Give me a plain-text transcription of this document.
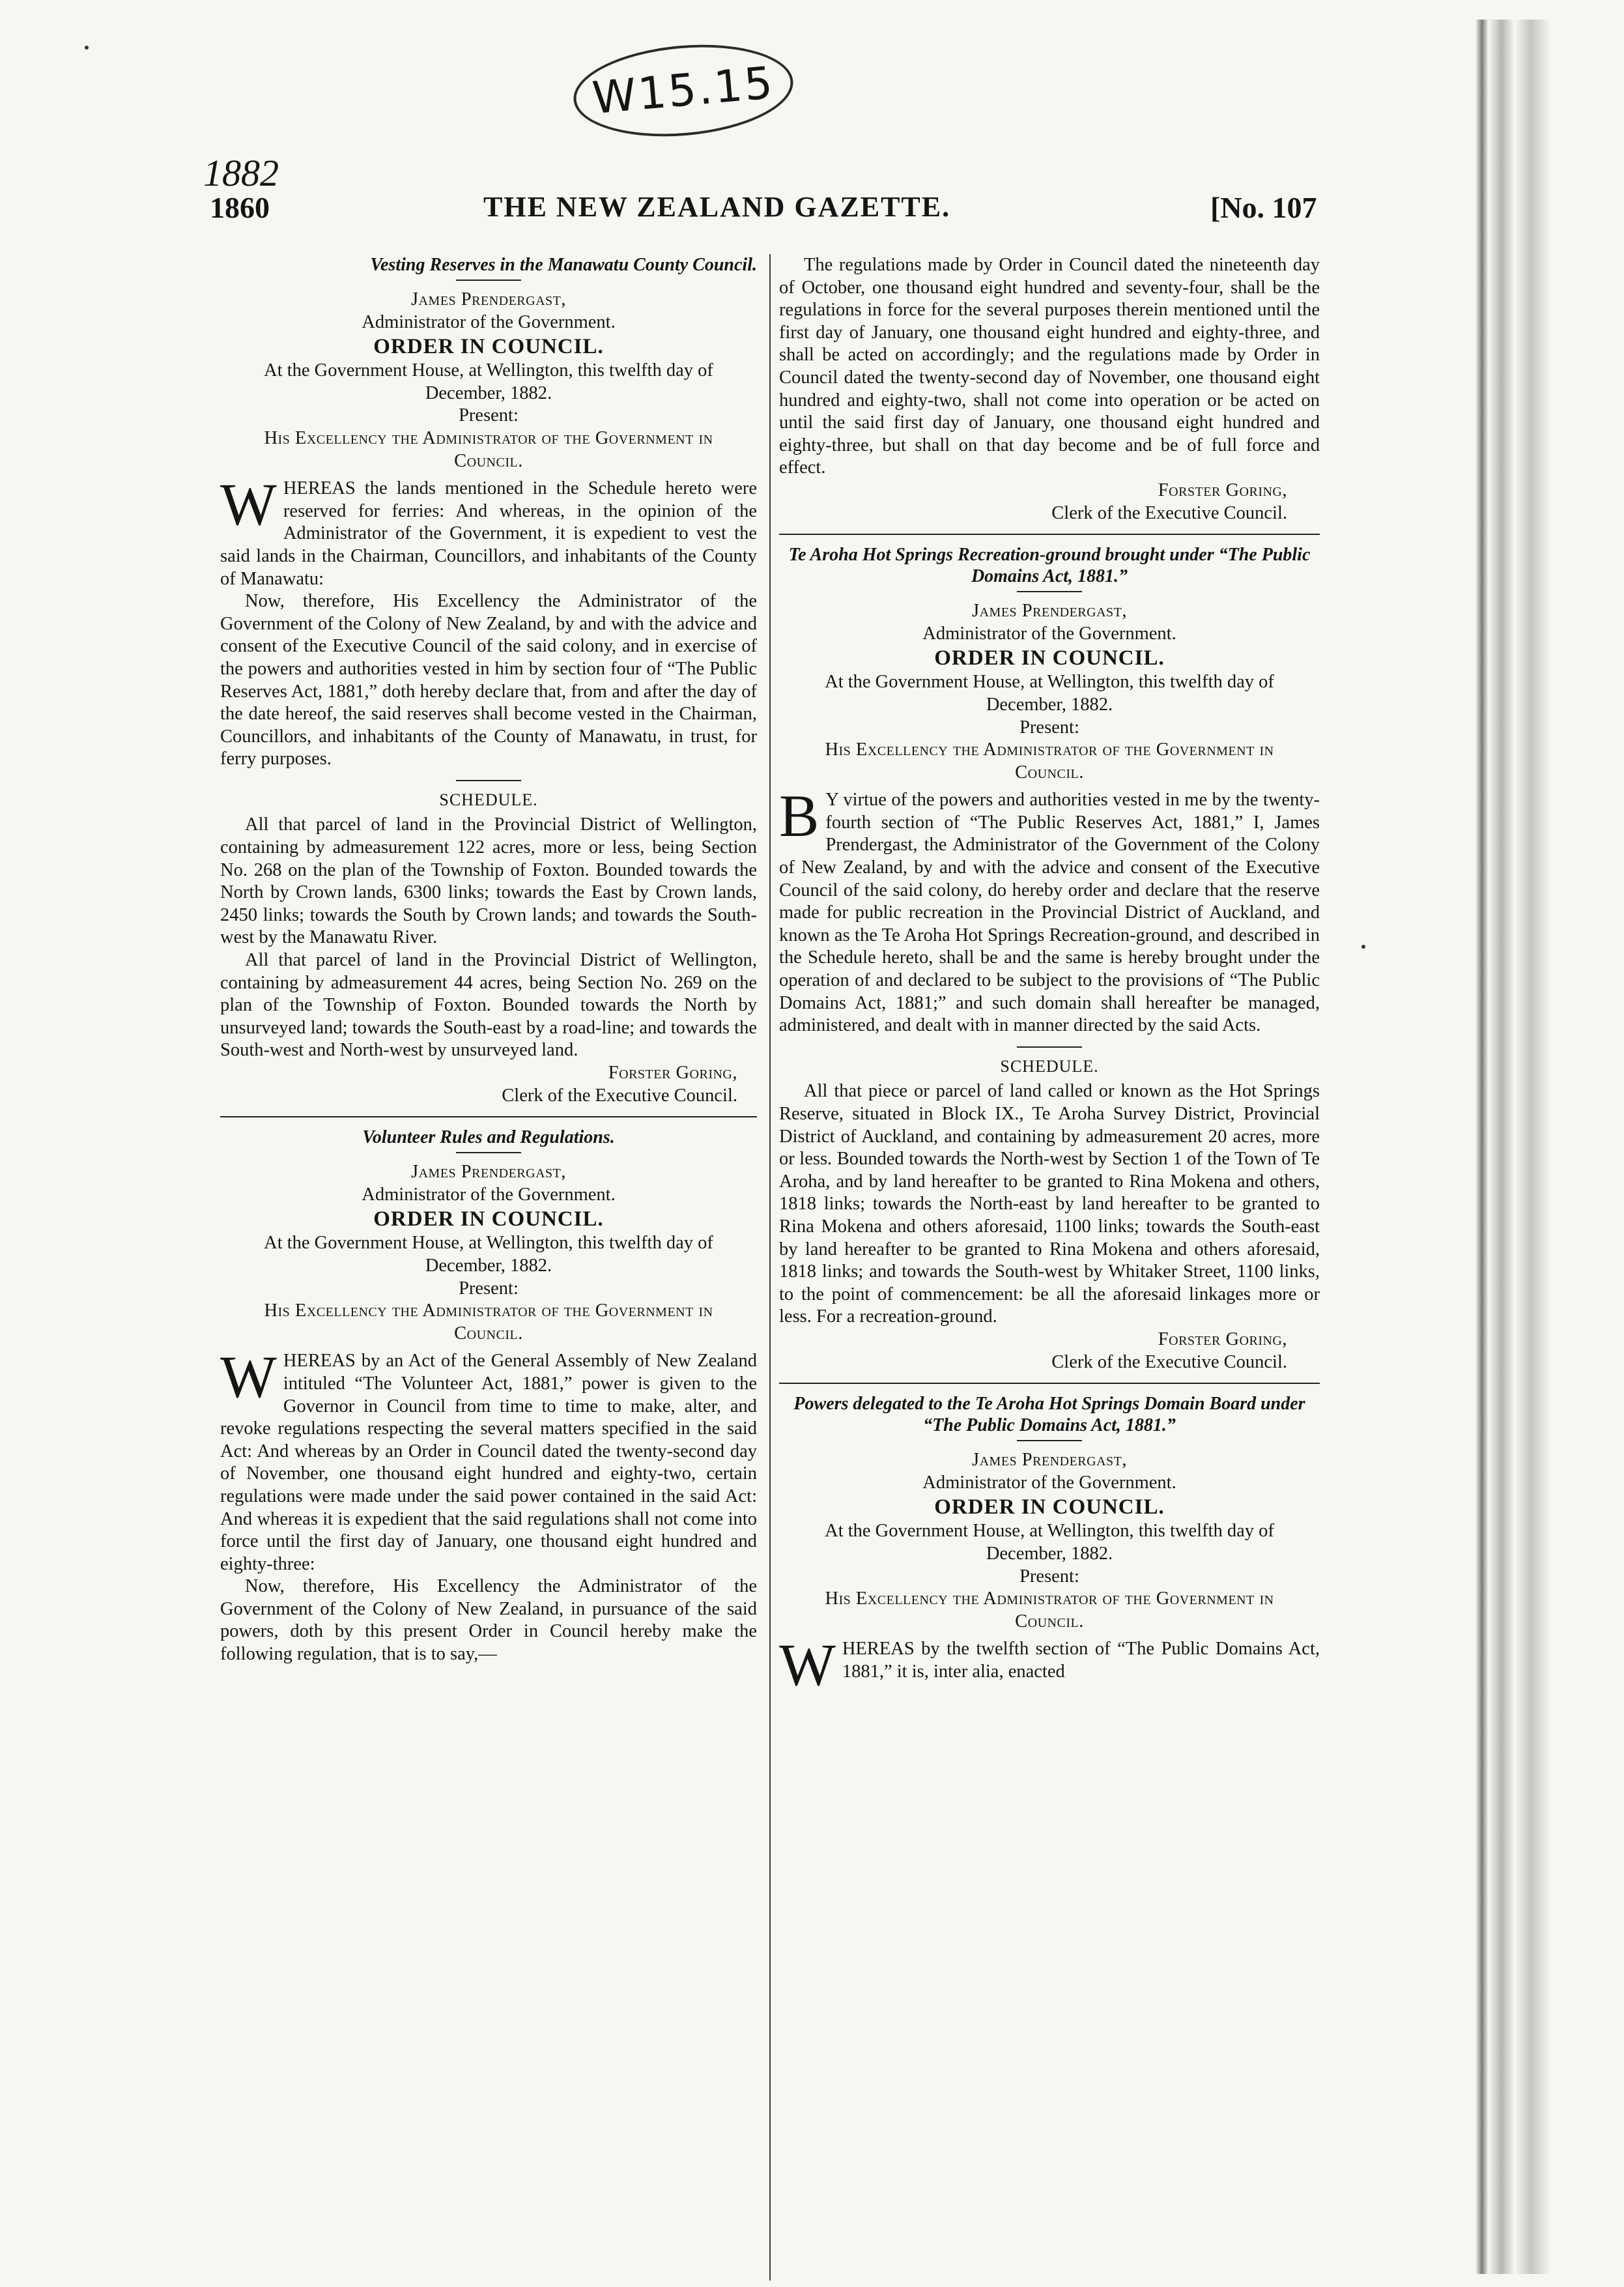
W15.15
1882
1860	THE NEW ZEALAND GAZETTE.	[No. 107
Vesting Reserves in the Manawatu County Council.
James Prendergast,
Administrator of the Government.
ORDER IN COUNCIL.
At the Government House, at Wellington, this twelfth day of December, 1882.
Present:
His Excellency the Administrator of the Government in Council.

WHEREAS the lands mentioned in the Schedule hereto were reserved for ferries: And whereas, in the opinion of the Administrator of the Government, it is expedient to vest the said lands in the Chairman, Councillors, and inhabitants of the County of Manawatu:

Now, therefore, His Excellency the Administrator of the Government of the Colony of New Zealand, by and with the advice and consent of the Executive Council of the said colony, and in exercise of the powers and authorities vested in him by section four of “The Public Reserves Act, 1881,” doth hereby declare that, from and after the day of the date hereof, the said reserves shall become vested in the Chairman, Councillors, and inhabitants of the County of Manawatu, in trust, for ferry purposes.

SCHEDULE.

All that parcel of land in the Provincial District of Wellington, containing by admeasurement 122 acres, more or less, being Section No. 268 on the plan of the Township of Foxton. Bounded towards the North by Crown lands, 6300 links; towards the East by Crown lands, 2450 links; towards the South by Crown lands; and towards the South-west by the Manawatu River.

All that parcel of land in the Provincial District of Wellington, containing by admeasurement 44 acres, being Section No. 269 on the plan of the Township of Foxton. Bounded towards the North by unsurveyed land; towards the South-east by a road-line; and towards the South-west and North-west by unsurveyed land.

Forster Goring,
Clerk of the Executive Council.
Volunteer Rules and Regulations.
James Prendergast,
Administrator of the Government.
ORDER IN COUNCIL.
At the Government House, at Wellington, this twelfth day of December, 1882.
Present:
His Excellency the Administrator of the Government in Council.

WHEREAS by an Act of the General Assembly of New Zealand intituled “The Volunteer Act, 1881,” power is given to the Governor in Council from time to time to make, alter, and revoke regulations respecting the several matters specified in the said Act: And whereas by an Order in Council dated the twenty-second day of November, one thousand eight hundred and eighty-two, certain regulations were made under the said power contained in the said Act: And whereas it is expedient that the said regulations shall not come into force until the first day of January, one thousand eight hundred and eighty-three:

Now, therefore, His Excellency the Administrator of the Government of the Colony of New Zealand, in pursuance of the said powers, doth by this present Order in Council hereby make the following regulation, that is to say,—

The regulations made by Order in Council dated the nineteenth day of October, one thousand eight hundred and seventy-four, shall be the regulations in force for the several purposes therein mentioned until the first day of January, one thousand eight hundred and eighty-three, and shall be acted on accordingly; and the regulations made by Order in Council dated the twenty-second day of November, one thousand eight hundred and eighty-two, shall not come into operation or be acted on until the said first day of January, one thousand eight hundred and eighty-three, but shall on that day become and be of full force and effect.

Forster Goring,
Clerk of the Executive Council.
Te Aroha Hot Springs Recreation-ground brought under “The Public Domains Act, 1881.”
James Prendergast,
Administrator of the Government.
ORDER IN COUNCIL.
At the Government House, at Wellington, this twelfth day of December, 1882.
Present:
His Excellency the Administrator of the Government in Council.

B Y virtue of the powers and authorities vested in me by the twenty-fourth section of “The Public Reserves Act, 1881,” I, James Prendergast, the Administrator of the Government of the Colony of New Zealand, by and with the advice and consent of the Executive Council of the said colony, do hereby order and declare that the reserve made for public recreation in the Provincial District of Auckland, and known as the Te Aroha Hot Springs Recreation-ground, and described in the Schedule hereto, shall be and the same is hereby brought under the operation of and declared to be subject to the provisions of “The Public Domains Act, 1881;” and such domain shall hereafter be managed, administered, and dealt with in manner directed by the said Acts.

SCHEDULE.

All that piece or parcel of land called or known as the Hot Springs Reserve, situated in Block IX., Te Aroha Survey District, Provincial District of Auckland, and containing by admeasurement 20 acres, more or less. Bounded towards the North-west by Section 1 of the Town of Te Aroha, and by land hereafter to be granted to Rina Mokena and others, 1818 links; towards the North-east by land hereafter to be granted to Rina Mokena and others aforesaid, 1100 links; towards the South-east by land hereafter to be granted to Rina Mokena and others aforesaid, 1818 links; and towards the South-west by Whitaker Street, 1100 links, to the point of commencement: be all the aforesaid linkages more or less. For a recreation-ground.

Forster Goring,
Clerk of the Executive Council.
Powers delegated to the Te Aroha Hot Springs Domain Board under “The Public Domains Act, 1881.”
James Prendergast,
Administrator of the Government.
ORDER IN COUNCIL.
At the Government House, at Wellington, this twelfth day of December, 1882.
Present:
His Excellency the Administrator of the Government in Council.

WHEREAS by the twelfth section of “The Public Domains Act, 1881,” it is, inter alia, enacted
